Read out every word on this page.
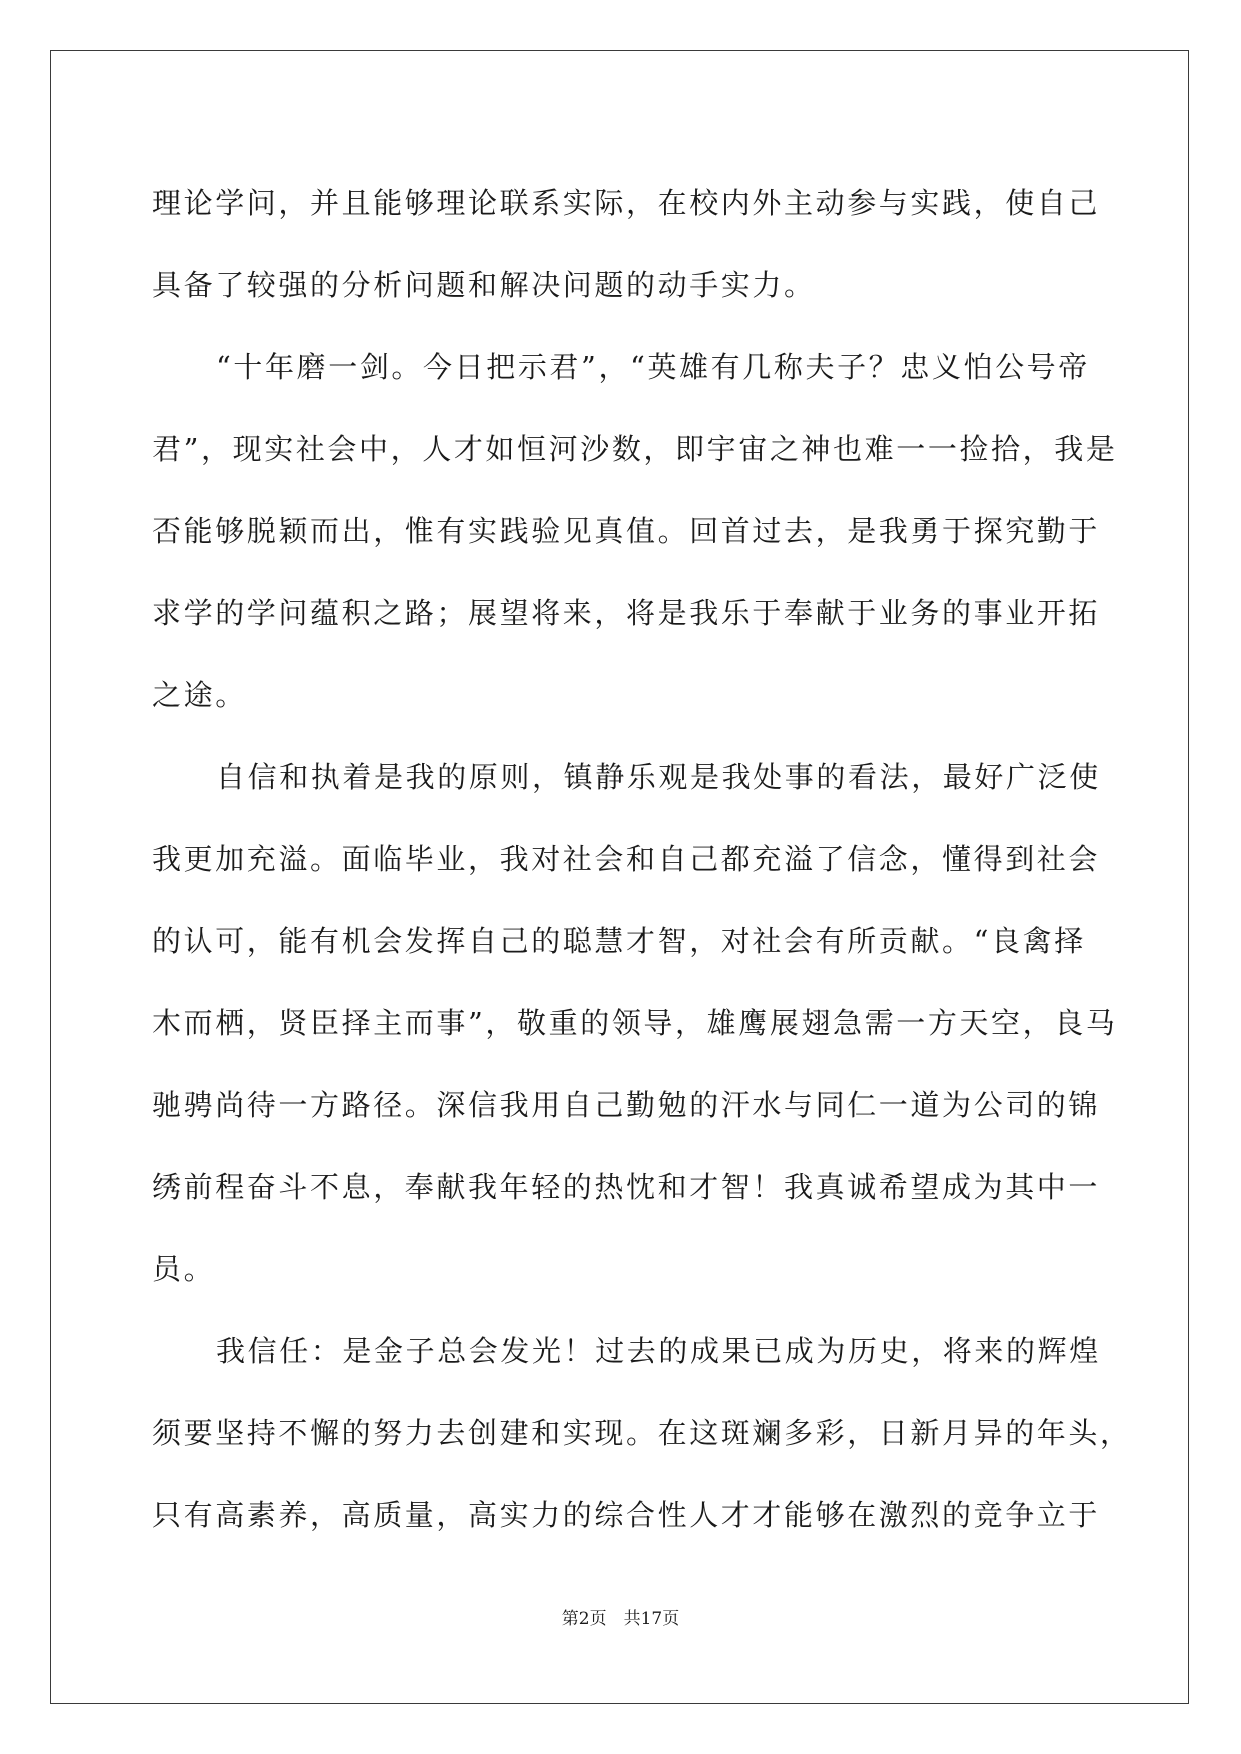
理论学问，并且能够理论联系实际，在校内外主动参与实践，使自己
具备了较强的分析问题和解决问题的动手实力。
“十年磨一剑。今日把示君”，“英雄有几称夫子？忠义怕公号帝
君”，现实社会中，人才如恒河沙数，即宇宙之神也难一一捡拾，我是
否能够脱颖而出，惟有实践验见真值。回首过去，是我勇于探究勤于
求学的学问蕴积之路；展望将来，将是我乐于奉献于业务的事业开拓
之途。
自信和执着是我的原则，镇静乐观是我处事的看法，最好广泛使
我更加充溢。面临毕业，我对社会和自己都充溢了信念，懂得到社会
的认可，能有机会发挥自己的聪慧才智，对社会有所贡献。“良禽择
木而栖，贤臣择主而事”，敬重的领导，雄鹰展翅急需一方天空，良马
驰骋尚待一方路径。深信我用自己勤勉的汗水与同仁一道为公司的锦
绣前程奋斗不息，奉献我年轻的热忱和才智！我真诚希望成为其中一
员。
我信任：是金子总会发光！过去的成果已成为历史，将来的辉煌
须要坚持不懈的努力去创建和实现。在这斑斓多彩，日新月异的年头，
只有高素养，高质量，高实力的综合性人才才能够在激烈的竞争立于
第2页　共17页
